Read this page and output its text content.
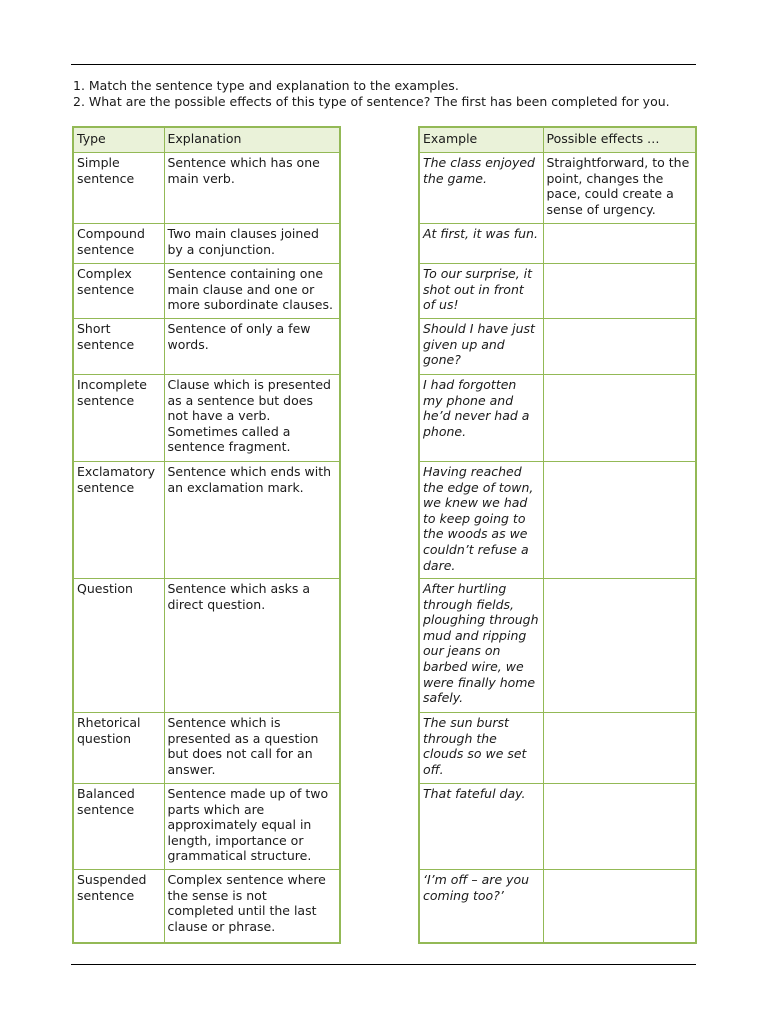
1. Match the sentence type and explanation to the examples.
2. What are the possible effects of this type of sentence? The first has been completed for you.
Type	Explanation
Simple sentence	Sentence which has one main verb.
Compound sentence	Two main clauses joined by a conjunction.
Complex sentence	Sentence containing one main clause and one or more subordinate clauses.
Short sentence	Sentence of only a few words.
Incomplete sentence	Clause which is presented as a sentence but does not have a verb. Sometimes called a sentence fragment.
Exclamatory sentence	Sentence which ends with an exclamation mark.
Question	Sentence which asks a direct question.
Rhetorical question	Sentence which is presented as a question but does not call for an answer.
Balanced sentence	Sentence made up of two parts which are approximately equal in length, importance or grammatical structure.
Suspended sentence	Complex sentence where the sense is not completed until the last clause or phrase.
Example	Possible effects …
The class enjoyed the game.	Straightforward, to the point, changes the pace, could create a sense of urgency.
At first, it was fun.	
To our surprise, it shot out in front of us!	
Should I have just given up and gone?	
I had forgotten my phone and he’d never had a phone.	
Having reached the edge of town, we knew we had to keep going to the woods as we couldn’t refuse a dare.	
After hurtling through fields, ploughing through mud and ripping our jeans on barbed wire, we were finally home safely.	
The sun burst through the clouds so we set off.	
That fateful day.	
‘I’m off – are you coming too?’	
